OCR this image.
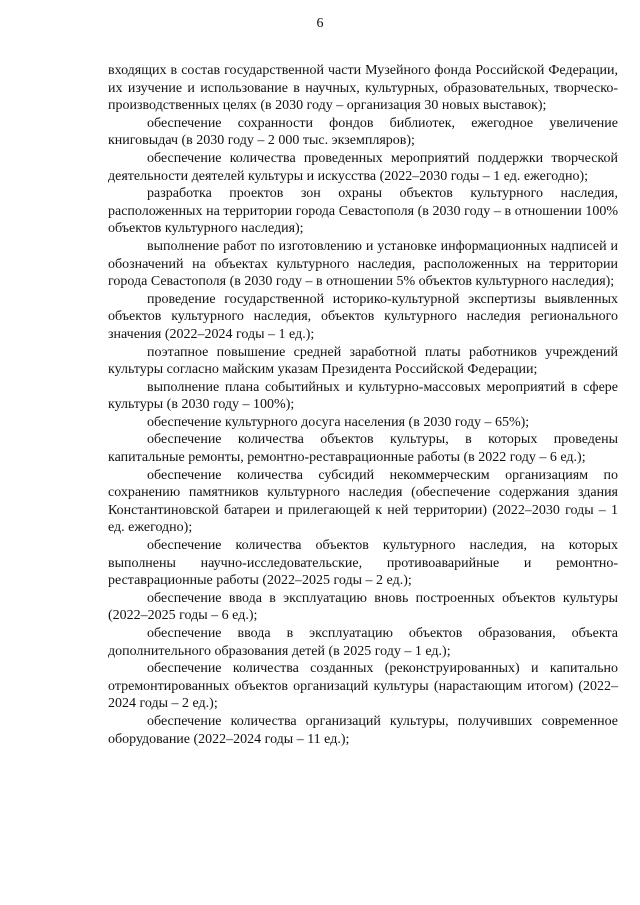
6

входящих в состав государственной части Музейного фонда Российской Федерации, их изучение и использование в научных, культурных, образовательных, творческо-производственных целях (в 2030 году – организация 30 новых выставок);

обеспечение сохранности фондов библиотек, ежегодное увеличение книговыдач (в 2030 году – 2 000 тыс. экземпляров);

обеспечение количества проведенных мероприятий поддержки творческой деятельности деятелей культуры и искусства (2022–2030 годы – 1 ед. ежегодно);

разработка проектов зон охраны объектов культурного наследия, расположенных на территории города Севастополя (в 2030 году – в отношении 100% объектов культурного наследия);

выполнение работ по изготовлению и установке информационных надписей и обозначений на объектах культурного наследия, расположенных на территории города Севастополя (в 2030 году – в отношении 5% объектов культурного наследия);

проведение государственной историко-культурной экспертизы выявленных объектов культурного наследия, объектов культурного наследия регионального значения (2022–2024 годы – 1 ед.);

поэтапное повышение средней заработной платы работников учреждений культуры согласно майским указам Президента Российской Федерации;

выполнение плана событийных и культурно-массовых мероприятий в сфере культуры (в 2030 году – 100%);

обеспечение культурного досуга населения (в 2030 году – 65%);

обеспечение количества объектов культуры, в которых проведены капитальные ремонты, ремонтно-реставрационные работы (в 2022 году – 6 ед.);

обеспечение количества субсидий некоммерческим организациям по сохранению памятников культурного наследия (обеспечение содержания здания Константиновской батареи и прилегающей к ней территории) (2022–2030 годы – 1 ед. ежегодно);

обеспечение количества объектов культурного наследия, на которых выполнены научно-исследовательские, противоаварийные и ремонтно-реставрационные работы (2022–2025 годы – 2 ед.);

обеспечение ввода в эксплуатацию вновь построенных объектов культуры (2022–2025 годы – 6 ед.);

обеспечение ввода в эксплуатацию объектов образования, объекта дополнительного образования детей (в 2025 году – 1 ед.);

обеспечение количества созданных (реконструированных) и капитально отремонтированных объектов организаций культуры (нарастающим итогом) (2022–2024 годы – 2 ед.);

обеспечение количества организаций культуры, получивших современное оборудование (2022–2024 годы – 11 ед.);
